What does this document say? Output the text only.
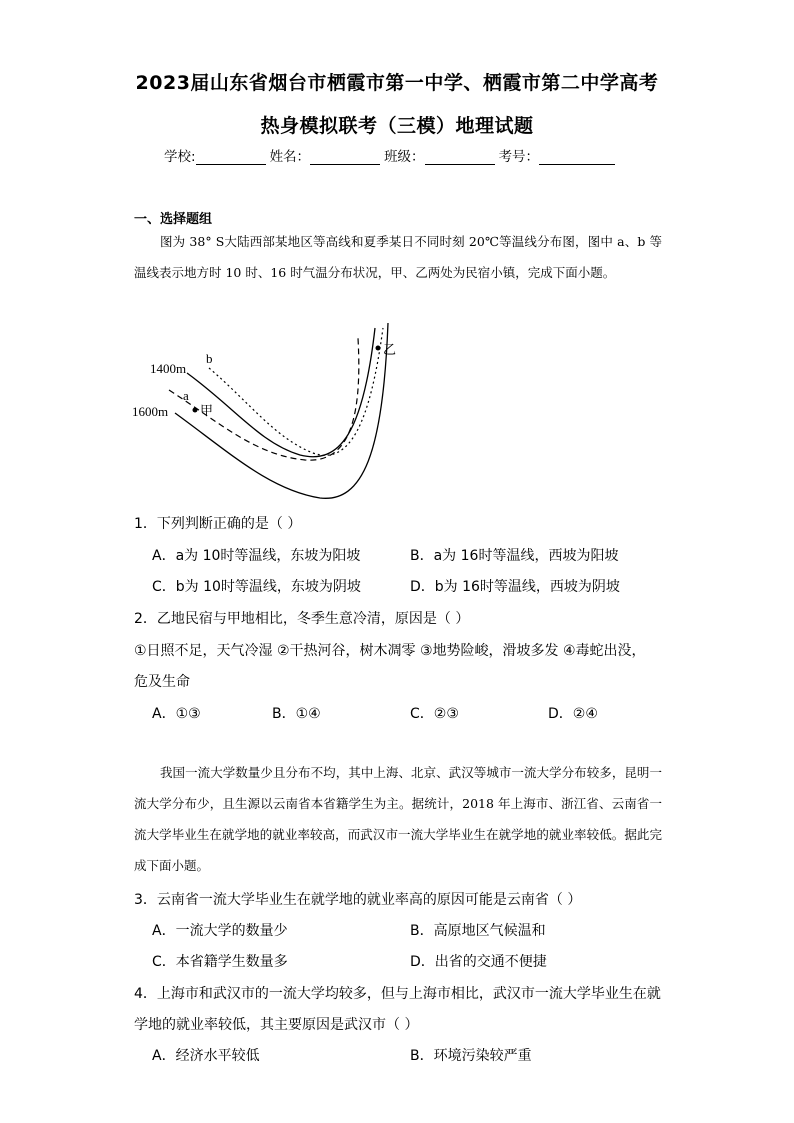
2023届山东省烟台市栖霞市第一中学、栖霞市第二中学高考
热身模拟联考（三模）地理试题
学校:	姓名：	班级：	考号：
一、选择题组
图为 38° S大陆西部某地区等高线和夏季某日不同时刻 20℃等温线分布图，图中 a、b 等温线表示地方时 10 时、16 时气温分布状况，甲、乙两处为民宿小镇，完成下面小题。
1400m
1600m
a
b
甲
乙
1．下列判断正确的是（ ）
A．a为 10时等温线，东坡为阳坡	B．a为 16时等温线，西坡为阳坡
C．b为 10时等温线，东坡为阴坡	D．b为 16时等温线，西坡为阴坡
2．乙地民宿与甲地相比，冬季生意冷清，原因是（ ）
①日照不足，天气冷湿 ②干热河谷，树木凋零 ③地势险峻，滑坡多发 ④毒蛇出没，
危及生命
A．①③	B．①④	C．②③	D．②④
我国一流大学数量少且分布不均，其中上海、北京、武汉等城市一流大学分布较多，昆明一流大学分布少，且生源以云南省本省籍学生为主。据统计，2018 年上海市、浙江省、云南省一流大学毕业生在就学地的就业率较高，而武汉市一流大学毕业生在就学地的就业率较低。据此完成下面小题。
3．云南省一流大学毕业生在就学地的就业率高的原因可能是云南省（ ）
A．一流大学的数量少	B．高原地区气候温和
C．本省籍学生数量多	D．出省的交通不便捷
4．上海市和武汉市的一流大学均较多，但与上海市相比，武汉市一流大学毕业生在就
学地的就业率较低，其主要原因是武汉市（ ）
A．经济水平较低	B．环境污染较严重
